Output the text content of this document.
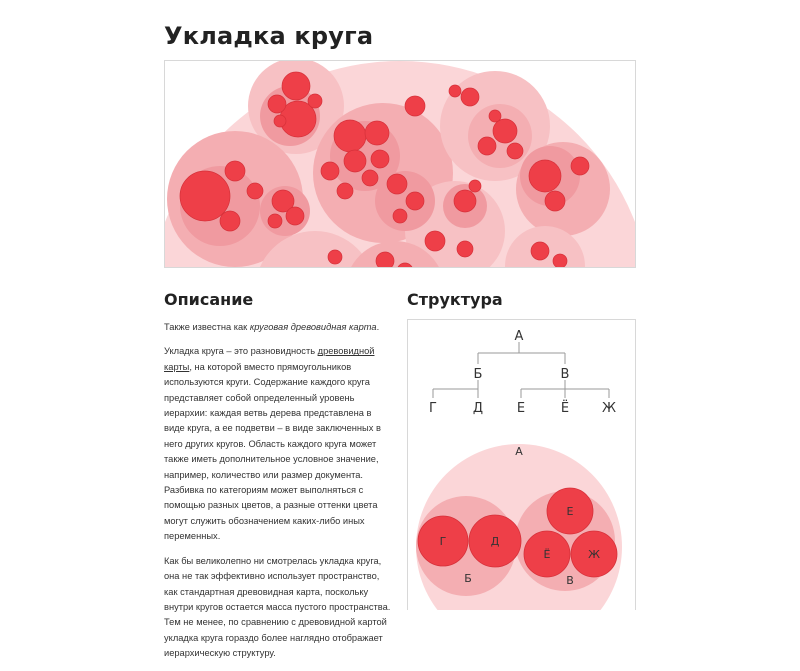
Укладка круга
Описание	Структура

Также известна как круговая древовидная карта.

Укладка круга – это разновидность древовидной карты, на которой вместо прямоугольников используются круги. Содержание каждого круга представляет собой определенный уровень иерархии: каждая ветвь дерева представлена в виде круга, а ее подветви – в виде заключенных в него других кругов. Область каждого круга может также иметь дополнительное условное значение, например, количество или размер документа. Разбивка по категориям может выполняться с помощью разных цветов, а разные оттенки цвета могут служить обозначением каких-либо иных переменных.

Как бы великолепно ни смотрелась укладка круга, она не так эффективно использует пространство, как стандартная древовидная карта, поскольку внутри кругов остается масса пустого пространства. Тем не менее, по сравнению с древовидной картой укладка круга гораздо более наглядно отображает иерархическую структуру.

А
Б	В
Г	Д	Е	Ё	Ж
А
Г	Д
Е
Ё	Ж
Б	В
